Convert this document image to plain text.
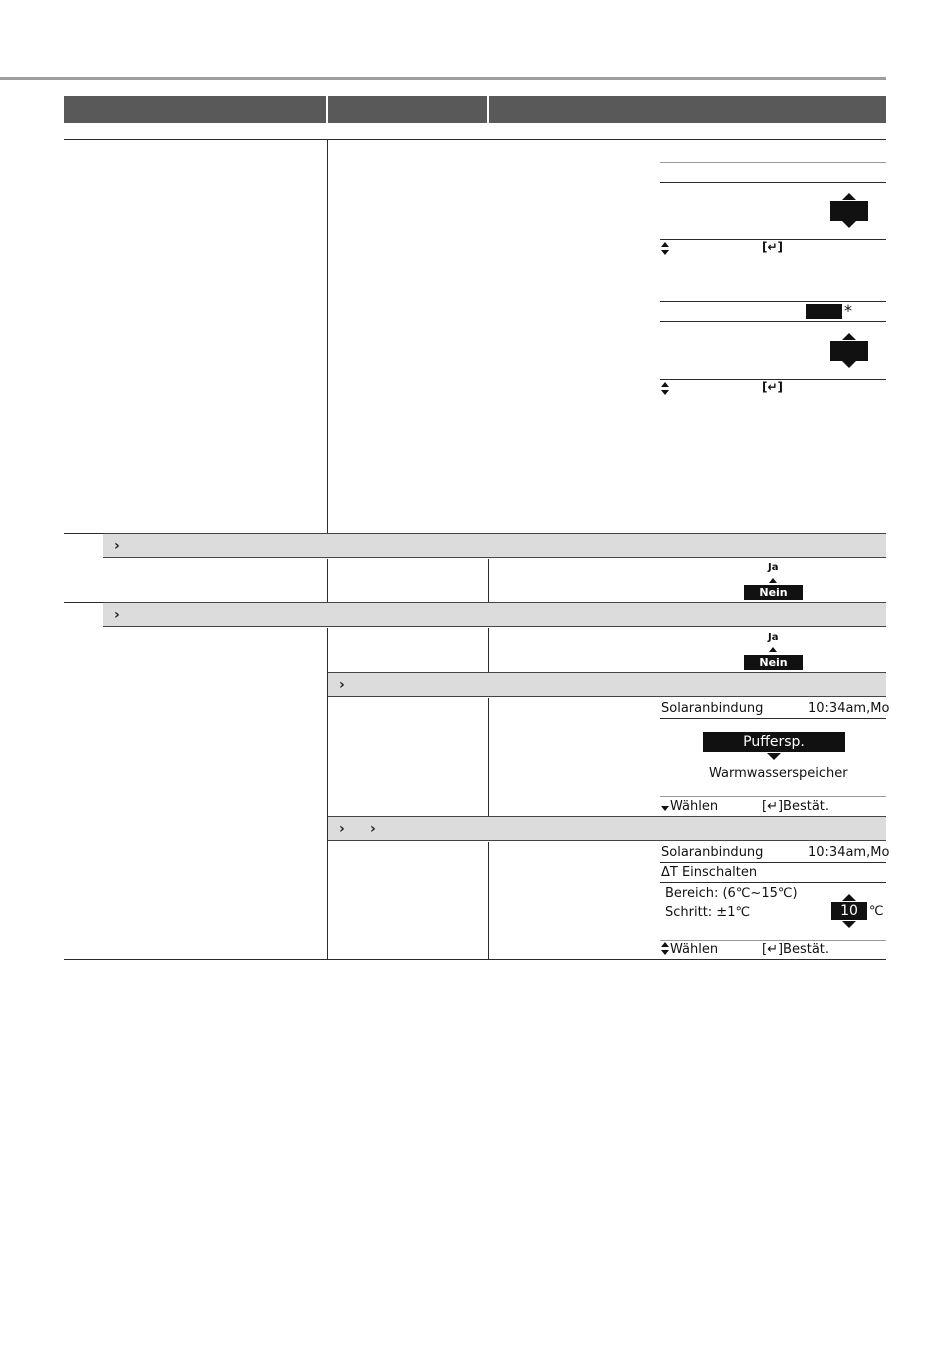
[↵]
*
[↵]
›
Ja
Nein
›
Ja
Nein
›
Solaranbindung	10:34am,Mo
Puffersp.
Warmwasserspeicher
Wählen	[↵]Bestät.
› ›
Solaranbindung	10:34am,Mo
ΔT Einschalten
Bereich: (6℃~15℃)
Schritt: ±1℃	10 ℃
Wählen	[↵]Bestät.
